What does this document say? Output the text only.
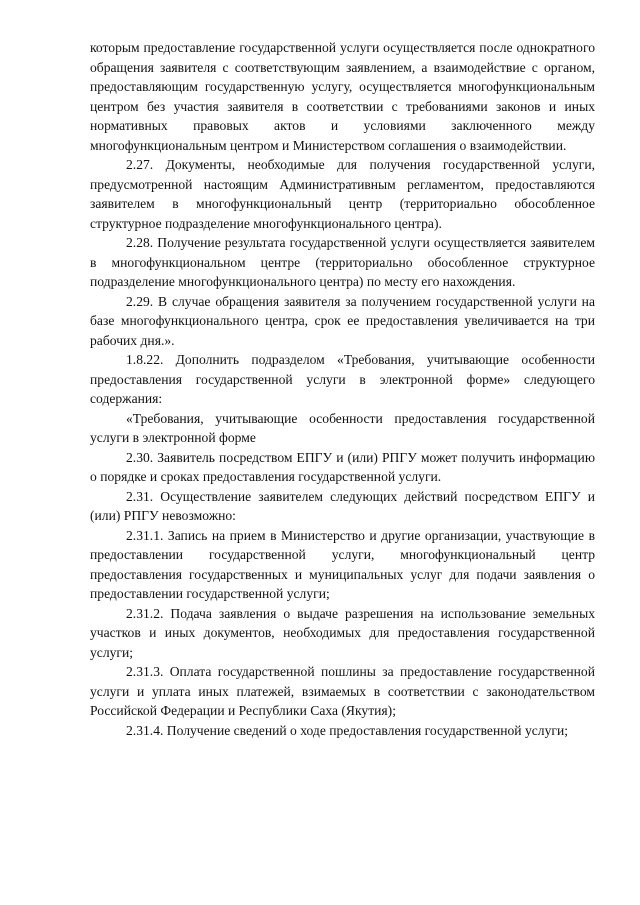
которым предоставление государственной услуги осуществляется после однократного обращения заявителя с соответствующим заявлением, а взаимодействие с органом, предоставляющим государственную услугу, осуществляется многофункциональным центром без участия заявителя в соответствии с требованиями законов и иных нормативных правовых актов и условиями заключенного между многофункциональным центром и Министерством соглашения о взаимодействии.

2.27. Документы, необходимые для получения государственной услуги, предусмотренной настоящим Административным регламентом, предоставляются заявителем в многофункциональный центр (территориально обособленное структурное подразделение многофункционального центра).

2.28. Получение результата государственной услуги осуществляется заявителем в многофункциональном центре (территориально обособленное структурное подразделение многофункционального центра) по месту его нахождения.

2.29. В случае обращения заявителя за получением государственной услуги на базе многофункционального центра, срок ее предоставления увеличивается на три рабочих дня.».

1.8.22. Дополнить подразделом «Требования, учитывающие особенности предоставления государственной услуги в электронной форме» следующего содержания:

«Требования, учитывающие особенности предоставления государственной услуги в электронной форме

2.30. Заявитель посредством ЕПГУ и (или) РПГУ может получить информацию о порядке и сроках предоставления государственной услуги.

2.31. Осуществление заявителем следующих действий посредством ЕПГУ и (или) РПГУ невозможно:

2.31.1. Запись на прием в Министерство и другие организации, участвующие в предоставлении государственной услуги, многофункциональный центр предоставления государственных и муниципальных услуг для подачи заявления о предоставлении государственной услуги;

2.31.2. Подача заявления о выдаче разрешения на использование земельных участков и иных документов, необходимых для предоставления государственной услуги;

2.31.3. Оплата государственной пошлины за предоставление государственной услуги и уплата иных платежей, взимаемых в соответствии с законодательством Российской Федерации и Республики Саха (Якутия);

2.31.4. Получение сведений о ходе предоставления государственной услуги;
